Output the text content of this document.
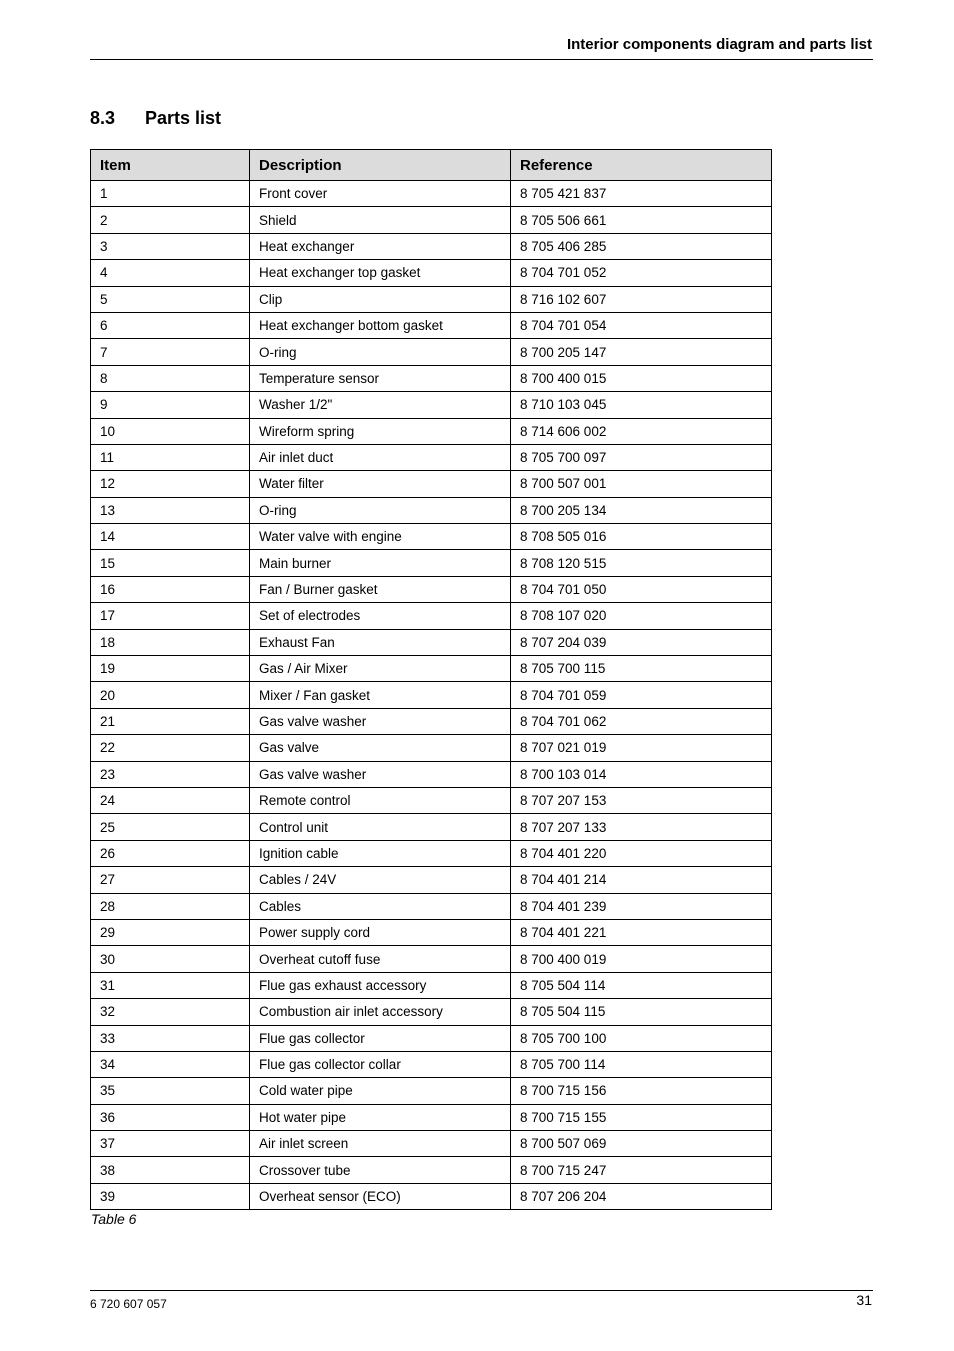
Interior components diagram and parts list
8.3 Parts list
Item	Description	Reference
1	Front cover	8 705 421 837
2	Shield	8 705 506 661
3	Heat exchanger	8 705 406 285
4	Heat exchanger top gasket	8 704 701 052
5	Clip	8 716 102 607
6	Heat exchanger bottom gasket	8 704 701 054
7	O-ring	8 700 205 147
8	Temperature sensor	8 700 400 015
9	Washer 1/2"	8 710 103 045
10	Wireform spring	8 714 606 002
11	Air inlet duct	8 705 700 097
12	Water filter	8 700 507 001
13	O-ring	8 700 205 134
14	Water valve with engine	8 708 505 016
15	Main burner	8 708 120 515
16	Fan / Burner gasket	8 704 701 050
17	Set of electrodes	8 708 107 020
18	Exhaust Fan	8 707 204 039
19	Gas / Air Mixer	8 705 700 115
20	Mixer / Fan gasket	8 704 701 059
21	Gas valve washer	8 704 701 062
22	Gas valve	8 707 021 019
23	Gas valve washer	8 700 103 014
24	Remote control	8 707 207 153
25	Control unit	8 707 207 133
26	Ignition cable	8 704 401 220
27	Cables / 24V	8 704 401 214
28	Cables	8 704 401 239
29	Power supply cord	8 704 401 221
30	Overheat cutoff fuse	8 700 400 019
31	Flue gas exhaust accessory	8 705 504 114
32	Combustion air inlet accessory	8 705 504 115
33	Flue gas collector	8 705 700 100
34	Flue gas collector collar	8 705 700 114
35	Cold water pipe	8 700 715 156
36	Hot water pipe	8 700 715 155
37	Air inlet screen	8 700 507 069
38	Crossover tube	8 700 715 247
39	Overheat sensor (ECO)	8 707 206 204
Table 6
6 720 607 057	31
